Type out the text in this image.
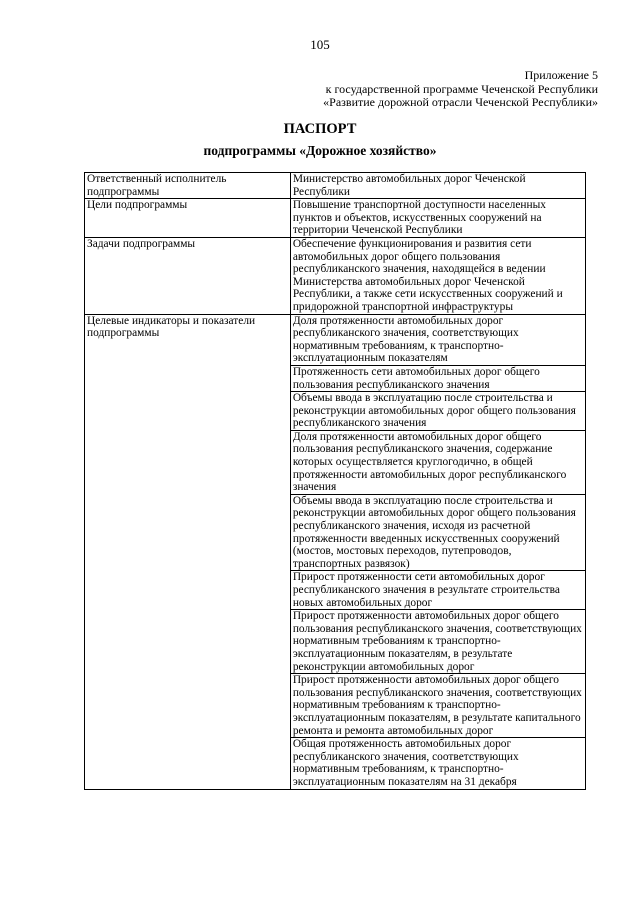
105
Приложение 5
к государственной программе Чеченской Республики
«Развитие дорожной отрасли Чеченской Республики»
ПАСПОРТ
подпрограммы «Дорожное хозяйство»
Ответственный исполнитель подпрограммы	Министерство автомобильных дорог Чеченской Республики
Цели подпрограммы	Повышение транспортной доступности населенных пунктов и объектов, искусственных сооружений на территории Чеченской Республики
Задачи подпрограммы	Обеспечение функционирования и развития сети автомобильных дорог общего пользования республиканского значения, находящейся в ведении Министерства автомобильных дорог Чеченской Республики, а также сети искусственных сооружений и придорожной транспортной инфраструктуры
Целевые индикаторы и показатели подпрограммы	Доля протяженности автомобильных дорог республиканского значения, соответствующих нормативным требованиям, к транспортно-эксплуатационным показателям
	Протяженность сети автомобильных дорог общего пользования республиканского значения
	Объемы ввода в эксплуатацию после строительства и реконструкции автомобильных дорог общего пользования республиканского значения
	Доля протяженности автомобильных дорог общего пользования республиканского значения, содержание которых осуществляется круглогодично, в общей протяженности автомобильных дорог республиканского значения
	Объемы ввода в эксплуатацию после строительства и реконструкции автомобильных дорог общего пользования республиканского значения, исходя из расчетной протяженности введенных искусственных сооружений (мостов, мостовых переходов, путепроводов, транспортных развязок)
	Прирост протяженности сети автомобильных дорог республиканского значения в результате строительства новых автомобильных дорог
	Прирост протяженности автомобильных дорог общего пользования республиканского значения, соответствующих нормативным требованиям к транспортно-эксплуатационным показателям, в результате реконструкции автомобильных дорог
	Прирост протяженности автомобильных дорог общего пользования республиканского значения, соответствующих нормативным требованиям к транспортно-эксплуатационным показателям, в результате капитального ремонта и ремонта автомобильных дорог
	Общая протяженность автомобильных дорог республиканского значения, соответствующих нормативным требованиям, к транспортно-эксплуатационным показателям на 31 декабря
